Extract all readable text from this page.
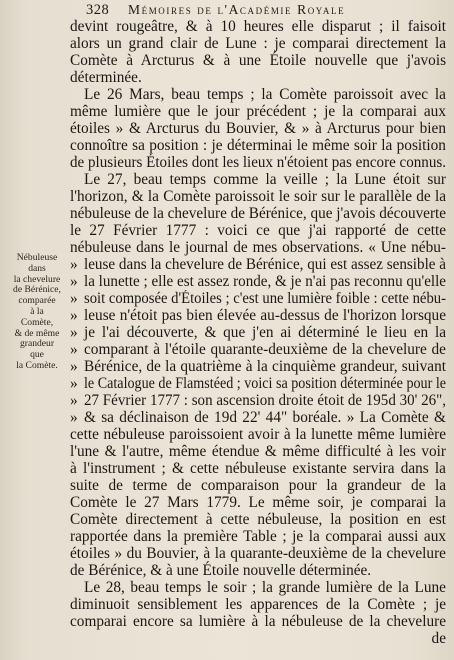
328 Mémoires de l'Académie Royale
Nébuleuse
dans
la chevelure
de Bérénice,
comparée
à la
Comète,
& de même
grandeur
que
la Comète.
devint rougeâtre, & à 10 heures elle disparut ; il faisoit
alors un grand clair de Lune : je comparai directement la
Comète à Arcturus & à une Étoile nouvelle que j'avois
déterminée.
Le 26 Mars, beau temps ; la Comète paroissoit avec la
même lumière que le jour précédent ; je la comparai aux
étoiles » & Arcturus du Bouvier, & » à Arcturus pour bien
connoître sa position : je déterminai le même soir la position
de plusieurs Étoiles dont les lieux n'étoient pas encore connus.
Le 27, beau temps comme la veille ; la Lune étoit sur
l'horizon, & la Comète paroissoit le soir sur le parallèle de la
nébuleuse de la chevelure de Bérénice, que j'avois découverte
le 27 Février 1777 : voici ce que j'ai rapporté de cette
nébuleuse dans le journal de mes observations. « Une nébu-
» leuse dans la chevelure de Bérénice, qui est assez sensible à
» la lunette ; elle est assez ronde, & je n'ai pas reconnu qu'elle
» soit composée d'Étoiles ; c'est une lumière foible : cette nébu-
» leuse n'étoit pas bien élevée au-dessus de l'horizon lorsque
» je l'ai découverte, & que j'en ai déterminé le lieu en la
» comparant à l'étoile quarante-deuxième de la chevelure de
» Bérénice, de la quatrième à la cinquième grandeur, suivant
» le Catalogue de Flamstéed ; voici sa position déterminée pour le
» 27 Février 1777 : son ascension droite étoit de 195d 30' 26",
» & sa déclinaison de 19d 22' 44" boréale. » La Comète &
cette nébuleuse paroissoient avoir à la lunette même lumière
l'une & l'autre, même étendue & même difficulté à les voir
à l'instrument ; & cette nébuleuse existante servira dans la
suite de terme de comparaison pour la grandeur de la
Comète le 27 Mars 1779. Le même soir, je comparai la
Comète directement à cette nébuleuse, la position en est
rapportée dans la première Table ; je la comparai aussi aux
étoiles » du Bouvier, à la quarante-deuxième de la chevelure
de Bérénice, & à une Étoile nouvelle déterminée.
Le 28, beau temps le soir ; la grande lumière de la Lune
diminuoit sensiblement les apparences de la Comète ; je
comparai encore sa lumière à la nébuleuse de la chevelure
de
